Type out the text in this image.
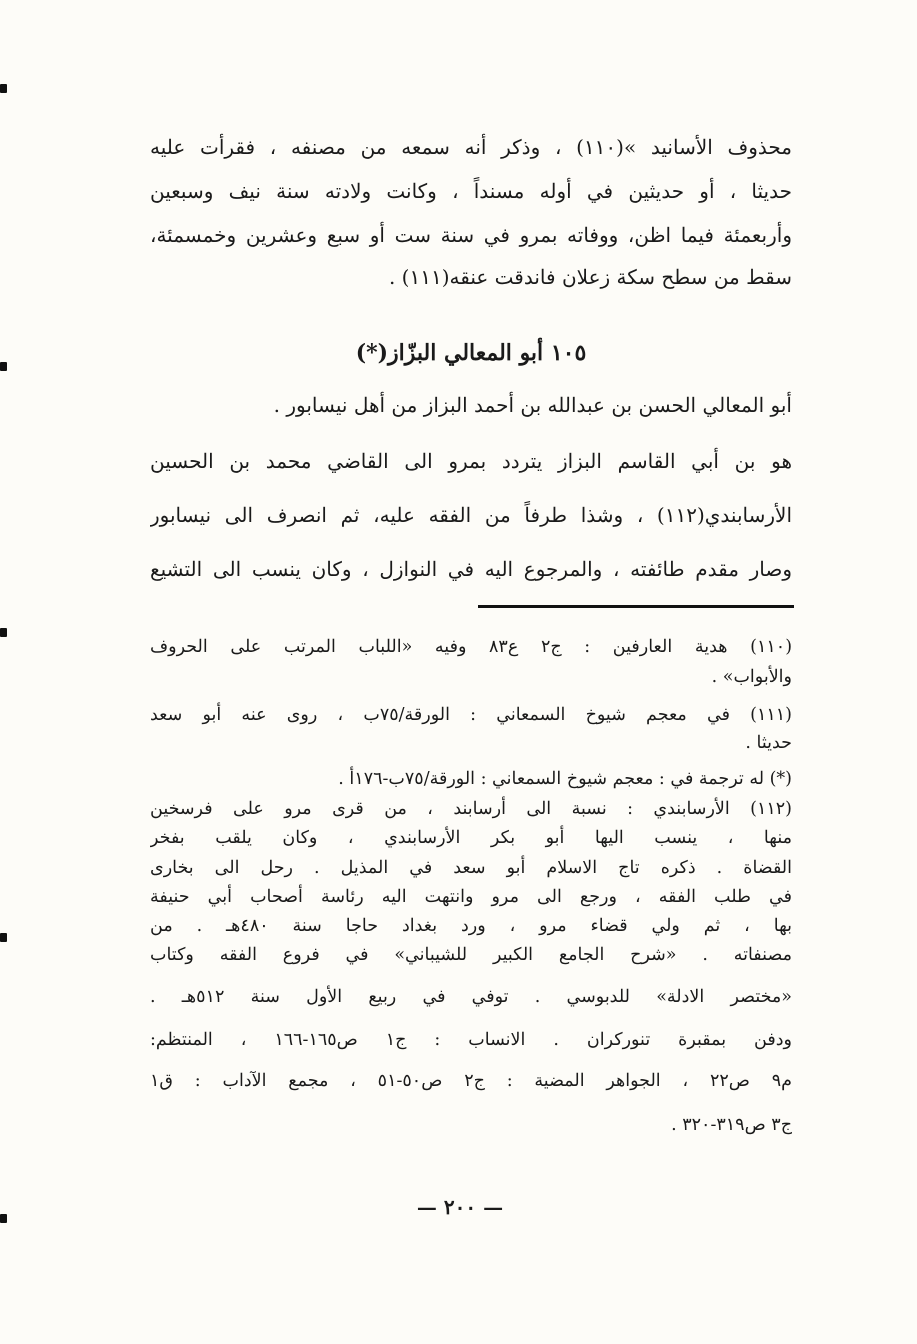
محذوف الأسانيد »(١١٠) ، وذكر أنه سمعه من مصنفه ، فقرأت عليه
حديثا ، أو حديثين في أوله مسنداً ، وكانت ولادته سنة نيف وسبعين
وأربعمئة فيما اظن، ووفاته بمرو في سنة ست أو سبع وعشرين وخمسمئة،
سقط من سطح سكة زعلان فاندقت عنقه(١١١) .
١٠٥ أبو المعالي البزّاز(*)
أبو المعالي الحسن بن عبدالله بن أحمد البزاز من أهل نيسابور .
هو بن أبي القاسم البزاز يتردد بمرو الى القاضي محمد بن الحسين
الأرسابندي(١١٢) ، وشذا طرفاً من الفقه عليه، ثم انصرف الى نيسابور
وصار مقدم طائفته ، والمرجوع اليه في النوازل ، وكان ينسب الى التشيع
(١١٠) هدية العارفين : ج٢ ع٨٣ وفيه «اللباب المرتب على الحروف
والأبواب» .
(١١١) في معجم شيوخ السمعاني : الورقة/٧٥ب ، روى عنه أبو سعد
حديثا .
(*) له ترجمة في : معجم شيوخ السمعاني : الورقة/٧٥ب-١٧٦أ .
(١١٢) الأرسابندي : نسبة الى أرسابند ، من قرى مرو على فرسخين
منها ، ينسب اليها أبو بكر الأرسابندي ، وكان يلقب بفخر
القضاة . ذكره تاج الاسلام أبو سعد في المذيل . رحل الى بخارى
في طلب الفقه ، ورجع الى مرو وانتهت اليه رئاسة أصحاب أبي حنيفة
بها ، ثم ولي قضاء مرو ، ورد بغداد حاجا سنة ٤٨٠هـ . من
مصنفاته . «شرح الجامع الكبير للشيباني» في فروع الفقه وكتاب
«مختصر الادلة» للدبوسي . توفي في ربيع الأول سنة ٥١٢هـ .
ودفن بمقبرة تنوركران . الانساب : ج١ ص١٦٥-١٦٦ ، المنتظم:
م٩ ص٢٢ ، الجواهر المضية : ج٢ ص٥٠-٥١ ، مجمع الآداب : ق١
ج٣ ص٣١٩-٣٢٠ .
— ٢٠٠ —
